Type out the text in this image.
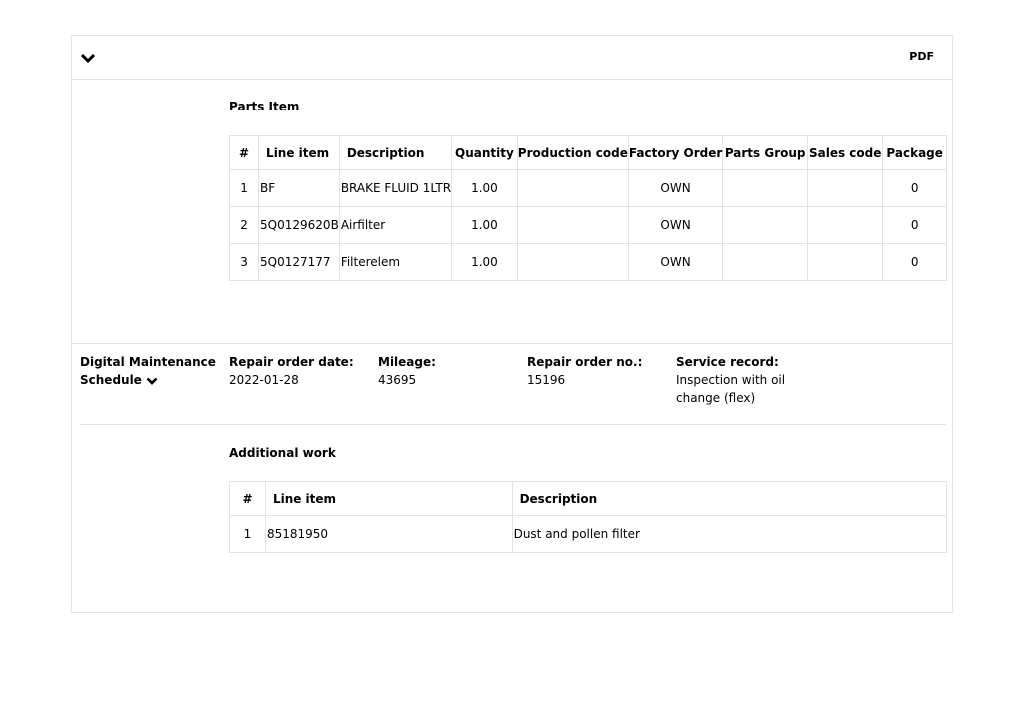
PDF
Parts Item
#	Line item	Description	Quantity	Production code	Factory Order	Parts Group	Sales code	Package
1	BF	BRAKE FLUID 1LTR	1.00		OWN			0
2	5Q0129620B	Airfilter	1.00		OWN			0
3	5Q0127177	Filterelem	1.00		OWN			0
Digital Maintenance
Schedule
Repair order date:
2022-01-28
Mileage:
43695
Repair order no.:
15196
Service record:
Inspection with oil
change (flex)
Additional work
#	Line item	Description
1	85181950	Dust and pollen filter
